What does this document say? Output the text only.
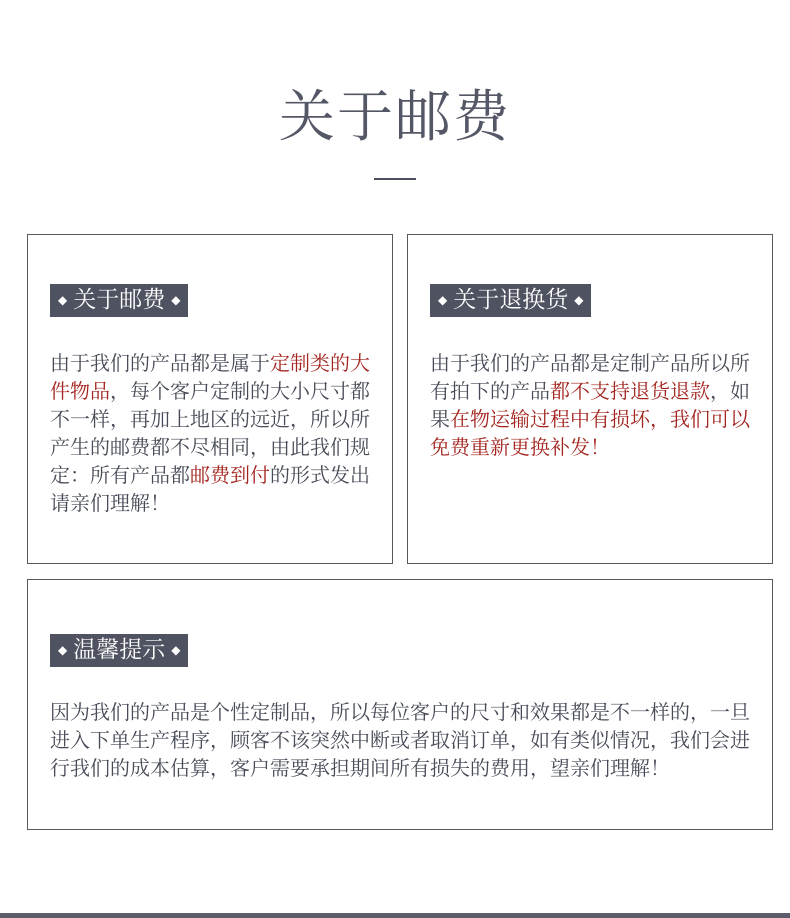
关于邮费
◆ 关于邮费 ◆

由于我们的产品都是属于定制类的大件物品，每个客户定制的大小尺寸都不一样，再加上地区的远近，所以所产生的邮费都不尽相同，由此我们规定：所有产品都邮费到付的形式发出请亲们理解！

◆ 关于退换货 ◆

由于我们的产品都是定制产品所以所有拍下的产品都不支持退货退款，如果在物运输过程中有损坏，我们可以免费重新更换补发！

◆ 温馨提示 ◆

因为我们的产品是个性定制品，所以每位客户的尺寸和效果都是不一样的，一旦进入下单生产程序，顾客不该突然中断或者取消订单，如有类似情况，我们会进行我们的成本估算，客户需要承担期间所有损失的费用，望亲们理解！
